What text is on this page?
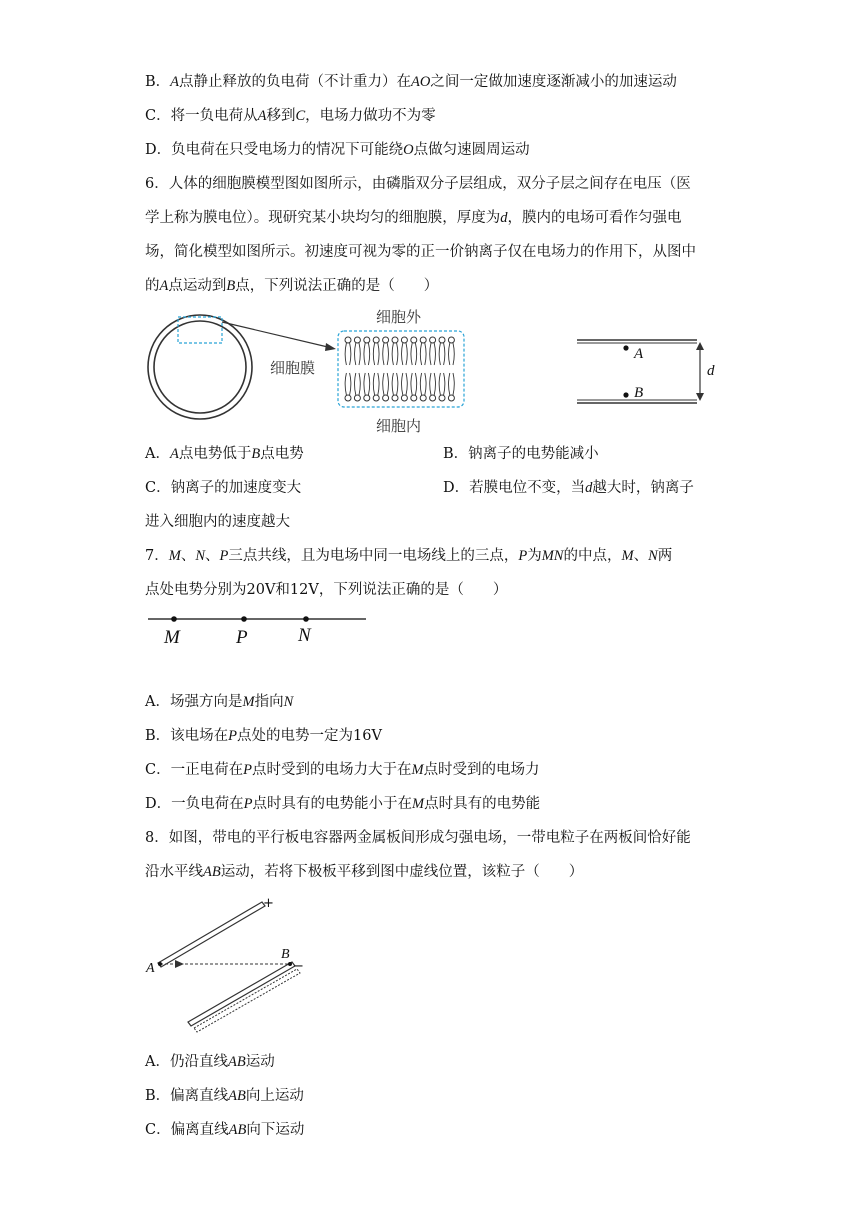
B．A点静止释放的负电荷（不计重力）在AO之间一定做加速度逐渐减小的加速运动
C．将一负电荷从A移到C，电场力做功不为零
D．负电荷在只受电场力的情况下可能绕O点做匀速圆周运动
6．人体的细胞膜模型图如图所示，由磷脂双分子层组成，双分子层之间存在电压（医
学上称为膜电位）。现研究某小块均匀的细胞膜，厚度为d，膜内的电场可看作匀强电
场，简化模型如图所示。初速度可视为零的正一价钠离子仅在电场力的作用下，从图中
的A点运动到B点，下列说法正确的是（　　）
细胞膜
细胞外
细胞内
A
B
d
A．A点电势低于B点电势	B．钠离子的电势能减小
C．钠离子的加速度变大	D．若膜电位不变，当d越大时，钠离子
进入细胞内的速度越大
7．M、N、P三点共线，且为电场中同一电场线上的三点，P为MN的中点，M、N两
点处电势分别为20V和12V，下列说法正确的是（　　）
M	P	N
A．场强方向是M指向N
B．该电场在P点处的电势一定为16V
C．一正电荷在P点时受到的电场力大于在M点时受到的电场力
D．一负电荷在P点时具有的电势能小于在M点时具有的电势能
8．如图，带电的平行板电容器两金属板间形成匀强电场，一带电粒子在两板间恰好能
沿水平线AB运动，若将下极板平移到图中虚线位置，该粒子（　　）
+
−
A
B
A．仍沿直线AB运动
B．偏离直线AB向上运动
C．偏离直线AB向下运动
